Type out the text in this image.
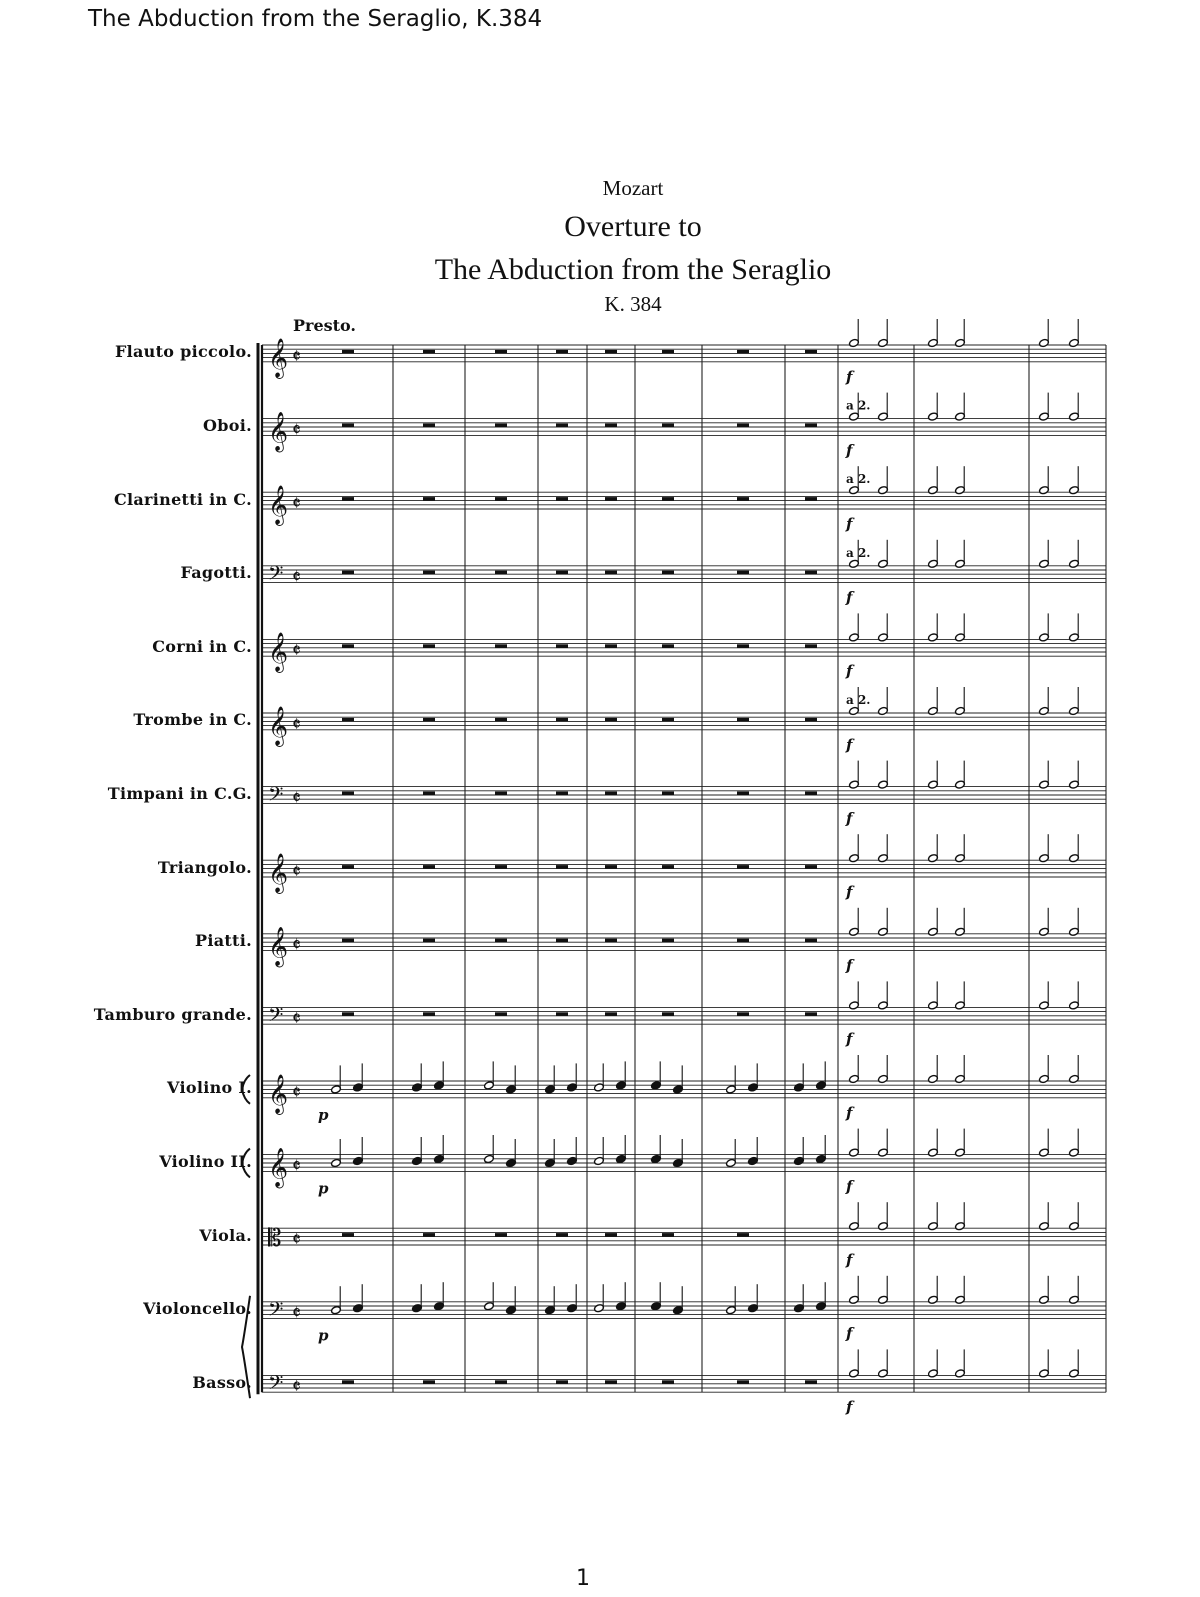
The Abduction from the Seraglio, K.384
Mozart
Overture to
The Abduction from the Seraglio
K. 384
Presto.
Flauto piccolo.
Oboi.
Clarinetti in C.
Fagotti.
Corni in C.
Trombe in C.
Timpani in C.G.
Triangolo.
Piatti.
Tamburo grande.
Violino I.
Violino II.
Viola.
Violoncello.
Basso.
𝄞 𝄵
f
𝄞 𝄵
f
𝄞 𝄵
f
𝄢 𝄵
f
𝄞 𝄵
f
𝄞 𝄵
f
𝄢 𝄵
f
𝄞 𝄵
f
𝄞 𝄵
f
𝄢 𝄵
f
𝄞 𝄵
f
𝄞 𝄵
f
𝄡 𝄵
f
𝄢 𝄵
f
𝄢 𝄵
f
p
p
p
a 2.
a 2.
a 2.
a 2.
1
